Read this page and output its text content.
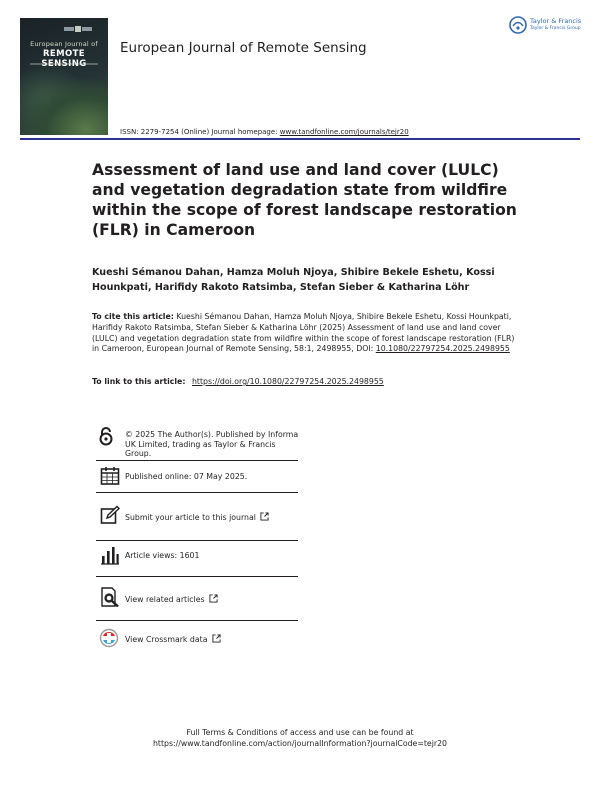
European Journal of
REMOTE SENSING
European Journal of Remote Sensing
Taylor & Francis
Taylor & Francis Group
ISSN: 2279-7254 (Online) Journal homepage: www.tandfonline.com/journals/tejr20
Assessment of land use and land cover (LULC) and vegetation degradation state from wildfire within the scope of forest landscape restoration (FLR) in Cameroon
Kueshi Sémanou Dahan, Hamza Moluh Njoya, Shibire Bekele Eshetu, Kossi Hounkpati, Harifidy Rakoto Ratsimba, Stefan Sieber & Katharina Löhr
To cite this article: Kueshi Sémanou Dahan, Hamza Moluh Njoya, Shibire Bekele Eshetu, Kossi Hounkpati, Harifidy Rakoto Ratsimba, Stefan Sieber & Katharina Löhr (2025) Assessment of land use and land cover (LULC) and vegetation degradation state from wildfire within the scope of forest landscape restoration (FLR) in Cameroon, European Journal of Remote Sensing, 58:1, 2498955, DOI: 10.1080/22797254.2025.2498955
To link to this article: https://doi.org/10.1080/22797254.2025.2498955
© 2025 The Author(s). Published by Informa UK Limited, trading as Taylor & Francis Group.
Published online: 07 May 2025.
Submit your article to this journal
Article views: 1601
View related articles
View Crossmark data
Full Terms & Conditions of access and use can be found at
https://www.tandfonline.com/action/journalInformation?journalCode=tejr20
